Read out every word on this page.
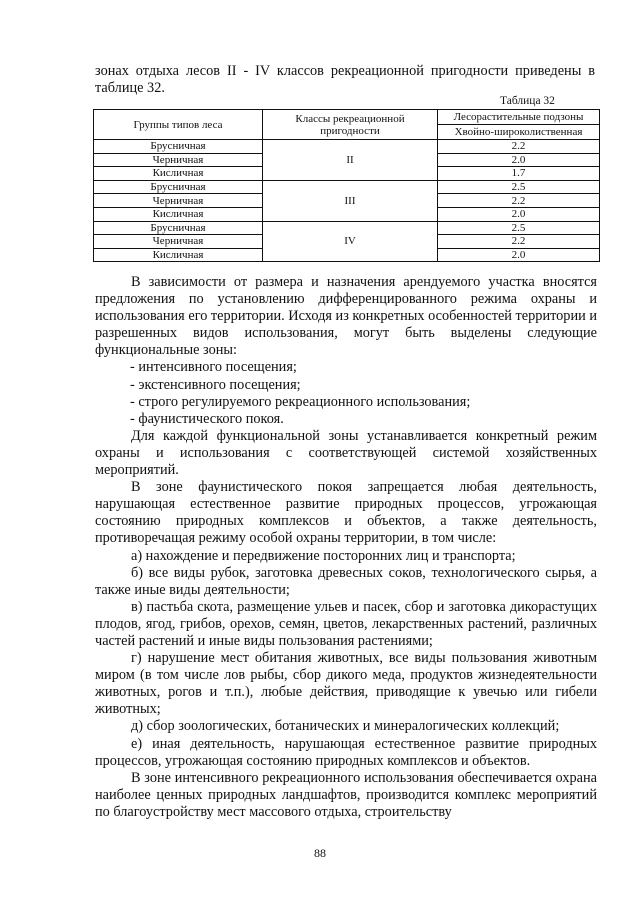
зонах отдыха лесов II - IV классов рекреационной пригодности приведены в таблице 32.
Таблица 32
Группы типов леса	Классы рекреационной пригодности	Лесорастительные подзоны
		Хвойно-широколиственная
Брусничная	II	2.2
Черничная		2.0
Кисличная		1.7
Брусничная	III	2.5
Черничная		2.2
Кисличная		2.0
Брусничная	IV	2.5
Черничная		2.2
Кисличная		2.0

В зависимости от размера и назначения арендуемого участка вносятся предложения по установлению дифференцированного режима охраны и использования его территории. Исходя из конкретных особенностей территории и разрешенных видов использования, могут быть выделены следующие функциональные зоны:

- интенсивного посещения;

- экстенсивного посещения;

- строго регулируемого рекреационного использования;

- фаунистического покоя.

Для каждой функциональной зоны устанавливается конкретный режим охраны и использования с соответствующей системой хозяйственных мероприятий.

В зоне фаунистического покоя запрещается любая деятельность, нарушающая естественное развитие природных процессов, угрожающая состоянию природных комплексов и объектов, а также деятельность, противоречащая режиму особой охраны территории, в том числе:

а) нахождение и передвижение посторонних лиц и транспорта;

б) все виды рубок, заготовка древесных соков, технологического сырья, а также иные виды деятельности;

в) пастьба скота, размещение ульев и пасек, сбор и заготовка дикорастущих плодов, ягод, грибов, орехов, семян, цветов, лекарственных растений, различных частей растений и иные виды пользования растениями;

г) нарушение мест обитания животных, все виды пользования животным миром (в том числе лов рыбы, сбор дикого меда, продуктов жизнедеятельности животных, рогов и т.п.), любые действия, приводящие к увечью или гибели животных;

д) сбор зоологических, ботанических и минералогических коллекций;

е) иная деятельность, нарушающая естественное развитие природных процессов, угрожающая состоянию природных комплексов и объектов.

В зоне интенсивного рекреационного использования обеспечивается охрана наиболее ценных природных ландшафтов, производится комплекс мероприятий по благоустройству мест массового отдыха, строительству

88
